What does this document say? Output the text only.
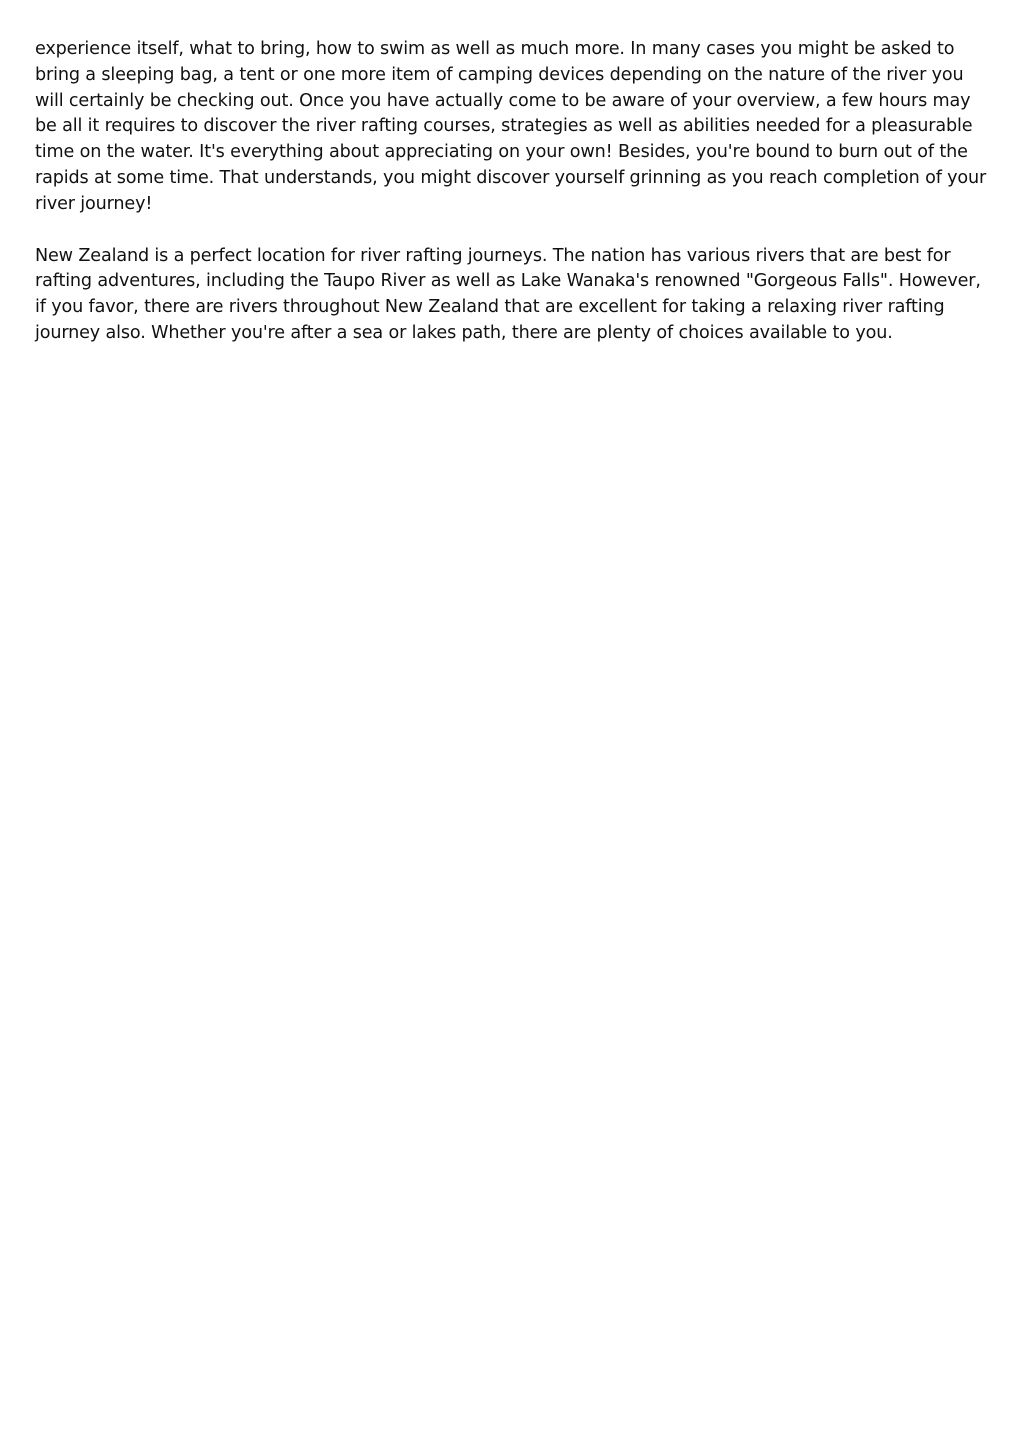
experience itself, what to bring, how to swim as well as much more. In many cases you might be asked to bring a sleeping bag, a tent or one more item of camping devices depending on the nature of the river you will certainly be checking out. Once you have actually come to be aware of your overview, a few hours may be all it requires to discover the river rafting courses, strategies as well as abilities needed for a pleasurable time on the water. It's everything about appreciating on your own! Besides, you're bound to burn out of the rapids at some time. That understands, you might discover yourself grinning as you reach completion of your river journey!

New Zealand is a perfect location for river rafting journeys. The nation has various rivers that are best for rafting adventures, including the Taupo River as well as Lake Wanaka's renowned "Gorgeous Falls". However, if you favor, there are rivers throughout New Zealand that are excellent for taking a relaxing river rafting journey also. Whether you're after a sea or lakes path, there are plenty of choices available to you.
